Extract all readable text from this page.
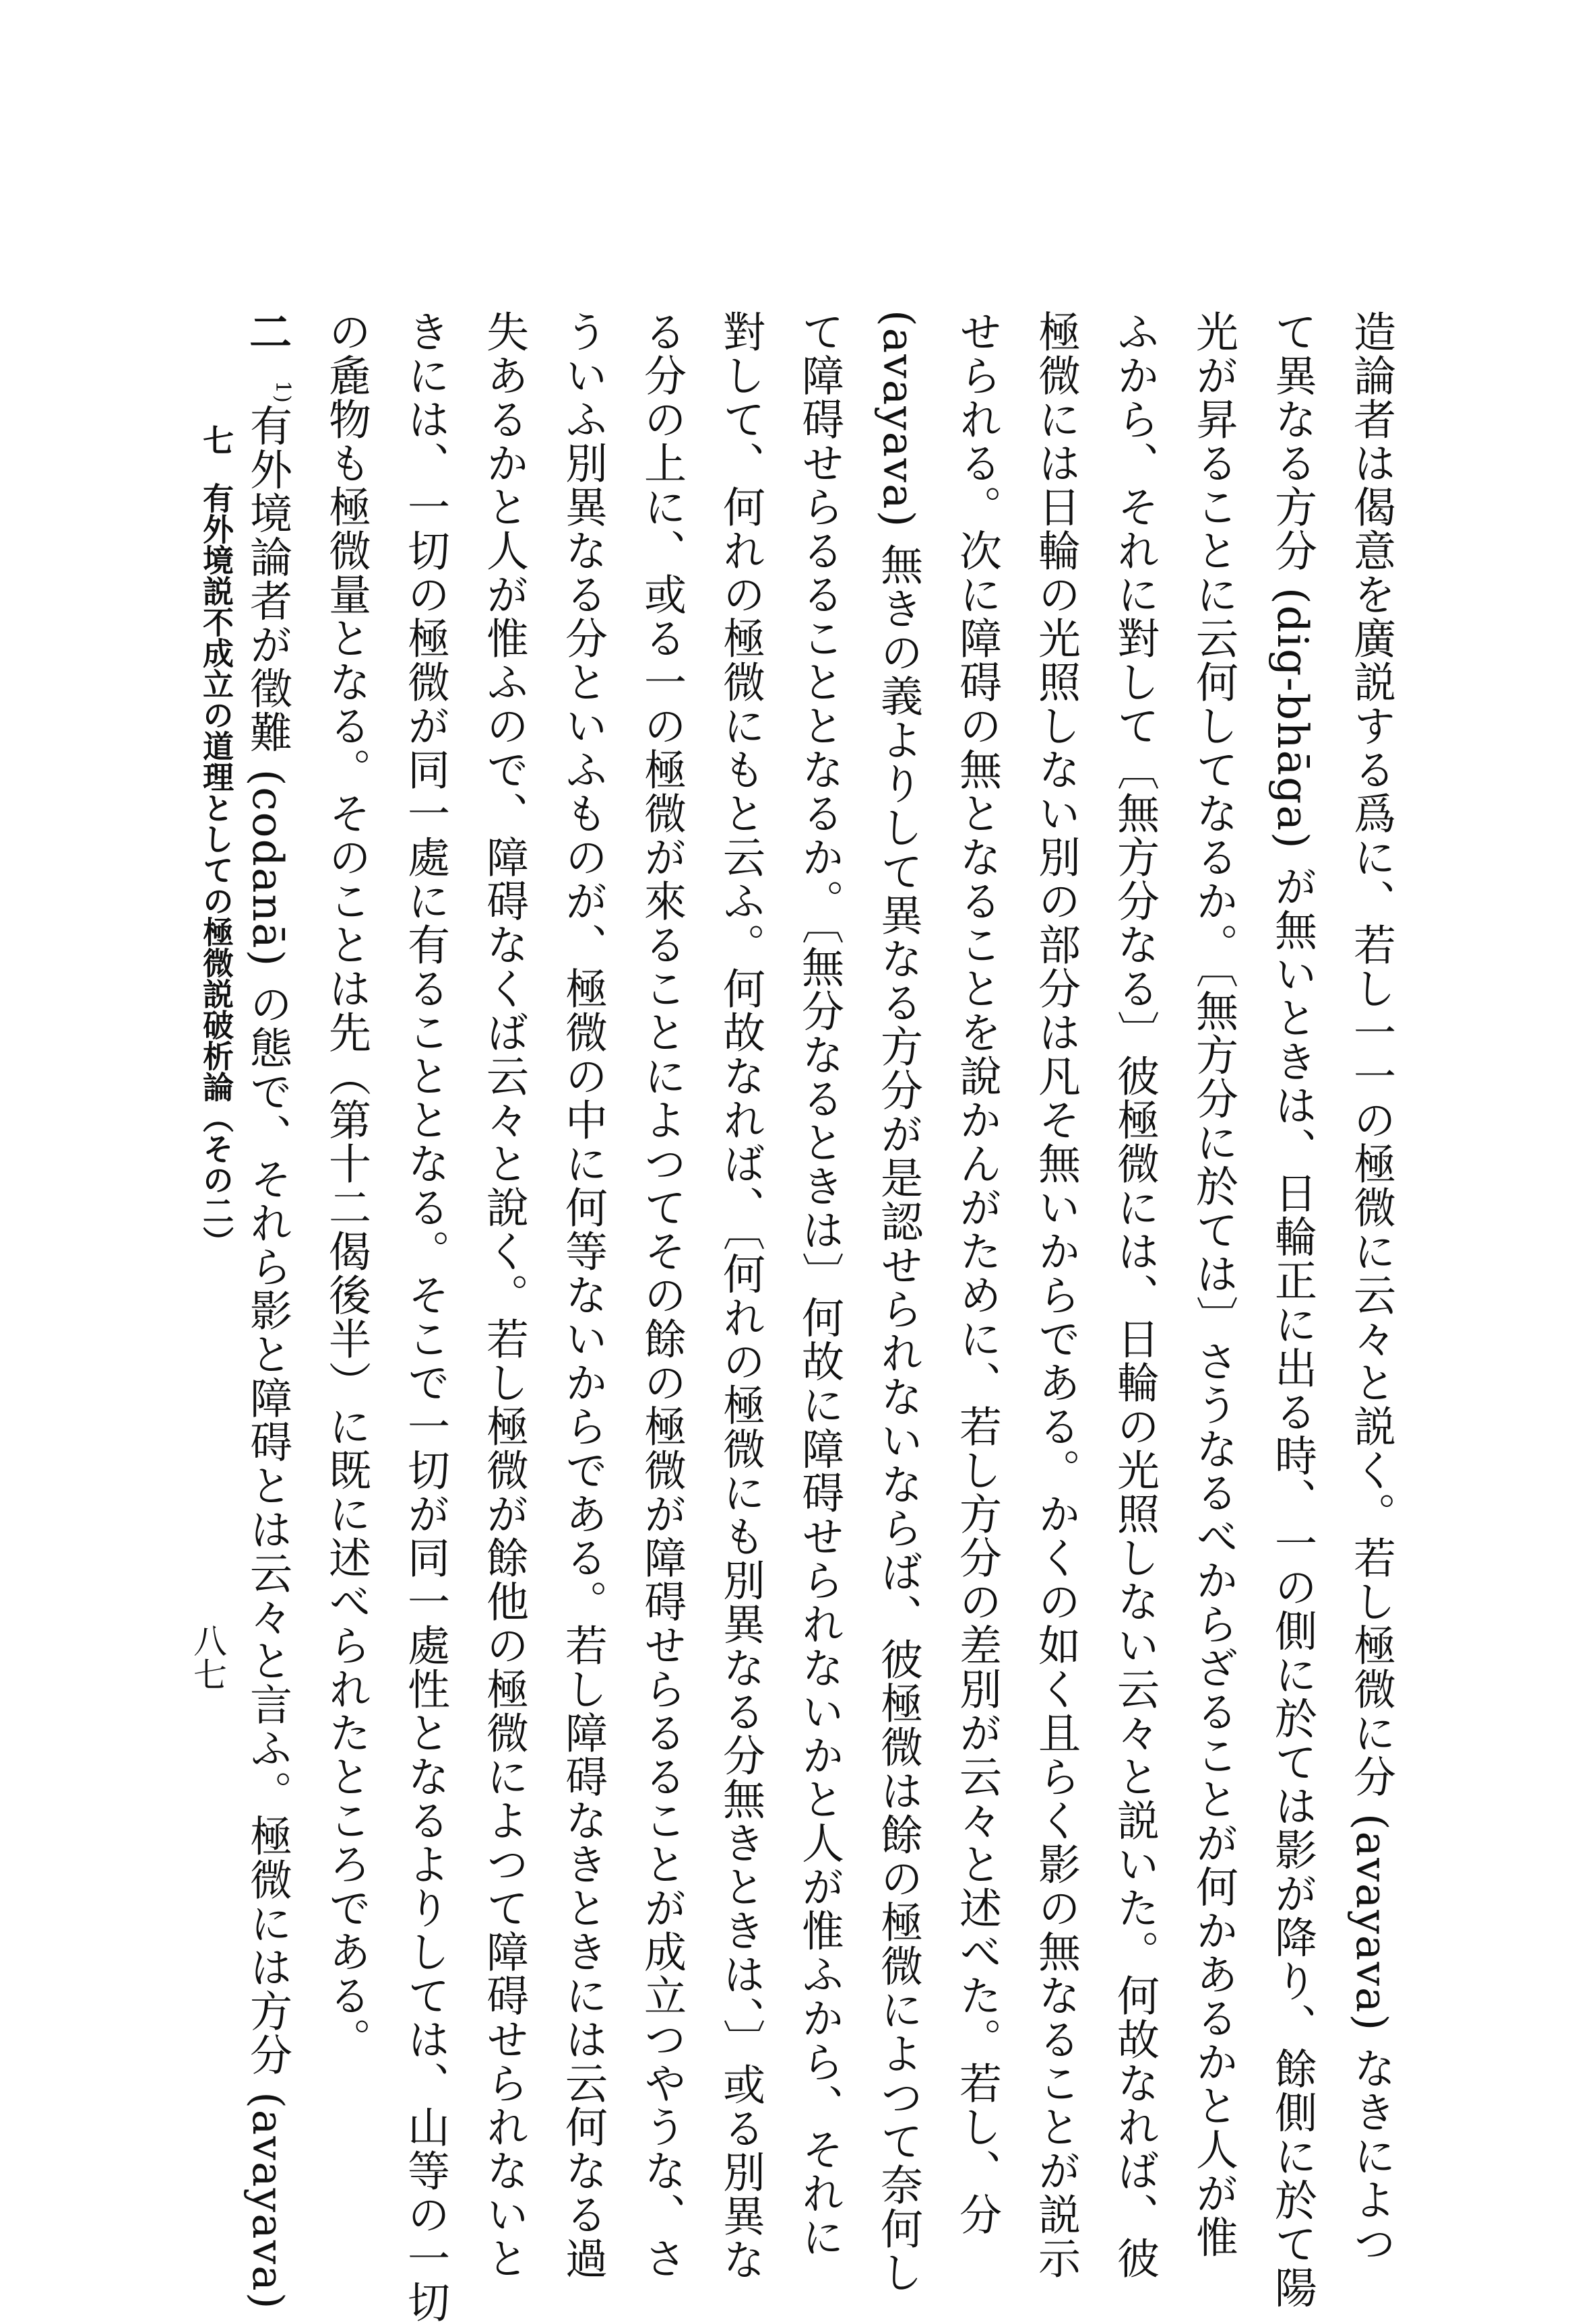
造論者は偈意を廣説する爲に、若し一一の極微に云々と説く。若し極微に分 (avayava) なきによつ
て異なる方分 (dig-bhāga) が無いときは、日輪正に出る時、一の側に於ては影が降り、餘側に於て陽
光が昇ることに云何してなるか。〔無方分に於ては〕さうなるべからざることが何かあるかと人が惟
ふから、それに對して〔無方分なる〕彼極微には、日輪の光照しない云々と説いた。何故なれば、彼
極微には日輪の光照しない別の部分は凡そ無いからである。かくの如く且らく影の無なることが説示
せられる。次に障碍の無となることを說かんがために、若し方分の差別が云々と述べた。若し、分
(avayava) 無きの義よりして異なる方分が是認せられないならば、彼極微は餘の極微によつて奈何し
て障碍せらるることとなるか。〔無分なるときは〕何故に障碍せられないかと人が惟ふから、それに
對して、何れの極微にもと云ふ。何故なれば、〔何れの極微にも別異なる分無きときは、〕或る別異な
る分の上に、或る一の極微が來ることによつてその餘の極微が障碍せらるることが成立つやうな、さ
ういふ別異なる分といふものが、極微の中に何等ないからである。若し障碍なきときには云何なる過
失あるかと人が惟ふので、障碍なくば云々と說く。若し極微が餘他の極微によつて障碍せられないと
きには、一切の極微が同一處に有ることとなる。そこで一切が同一處性となるよりしては、山等の一切
の麁物も極微量となる。そのことは先（第十二偈後半）に既に述べられたところである。
二$^{1)}$有外境論者が徵難 (codanā) の態で、それら影と障碍とは云々と言ふ。極微には方分 (avayava)
七有外境説不成立の道理としての極微説破析論（その二）
八七
